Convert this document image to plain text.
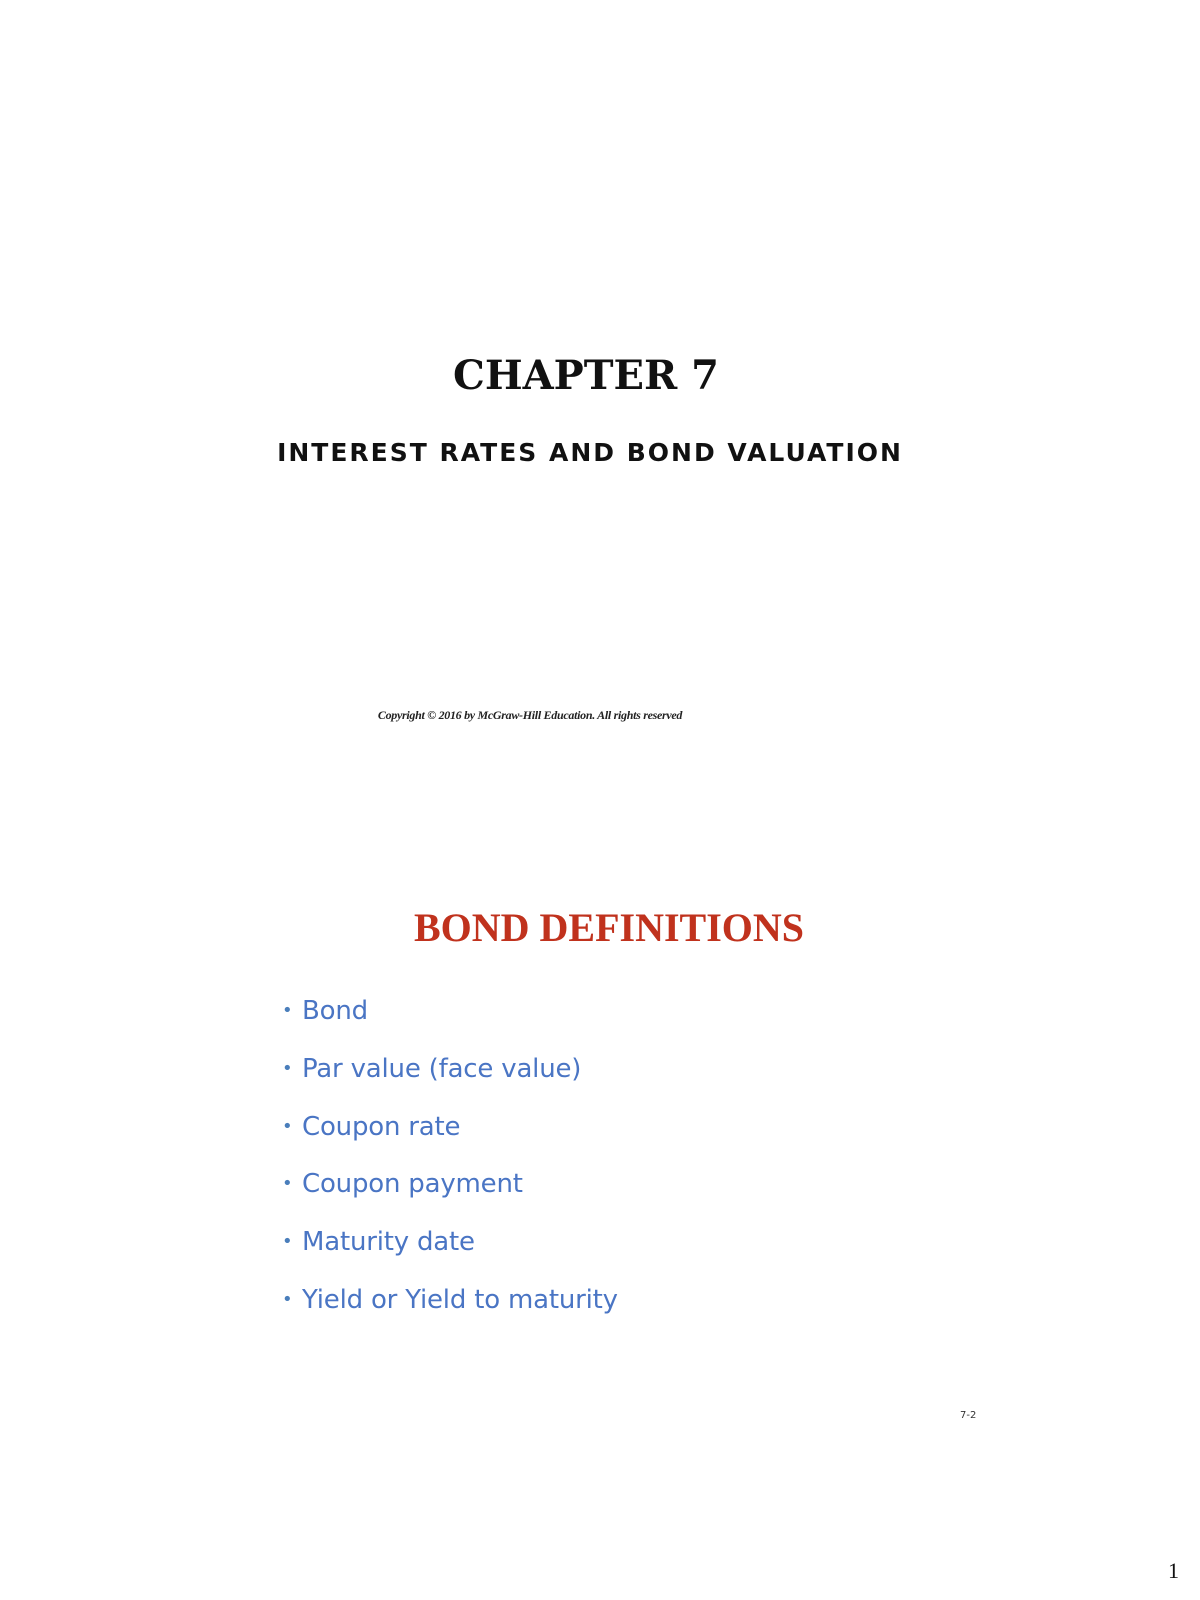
CHAPTER 7
INTEREST RATES AND BOND VALUATION

Copyright © 2016 by McGraw-Hill Education. All rights reserved

BOND DEFINITIONS
• Bond
• Par value (face value)
• Coupon rate
• Coupon payment
• Maturity date
• Yield or Yield to maturity
7-2
1
